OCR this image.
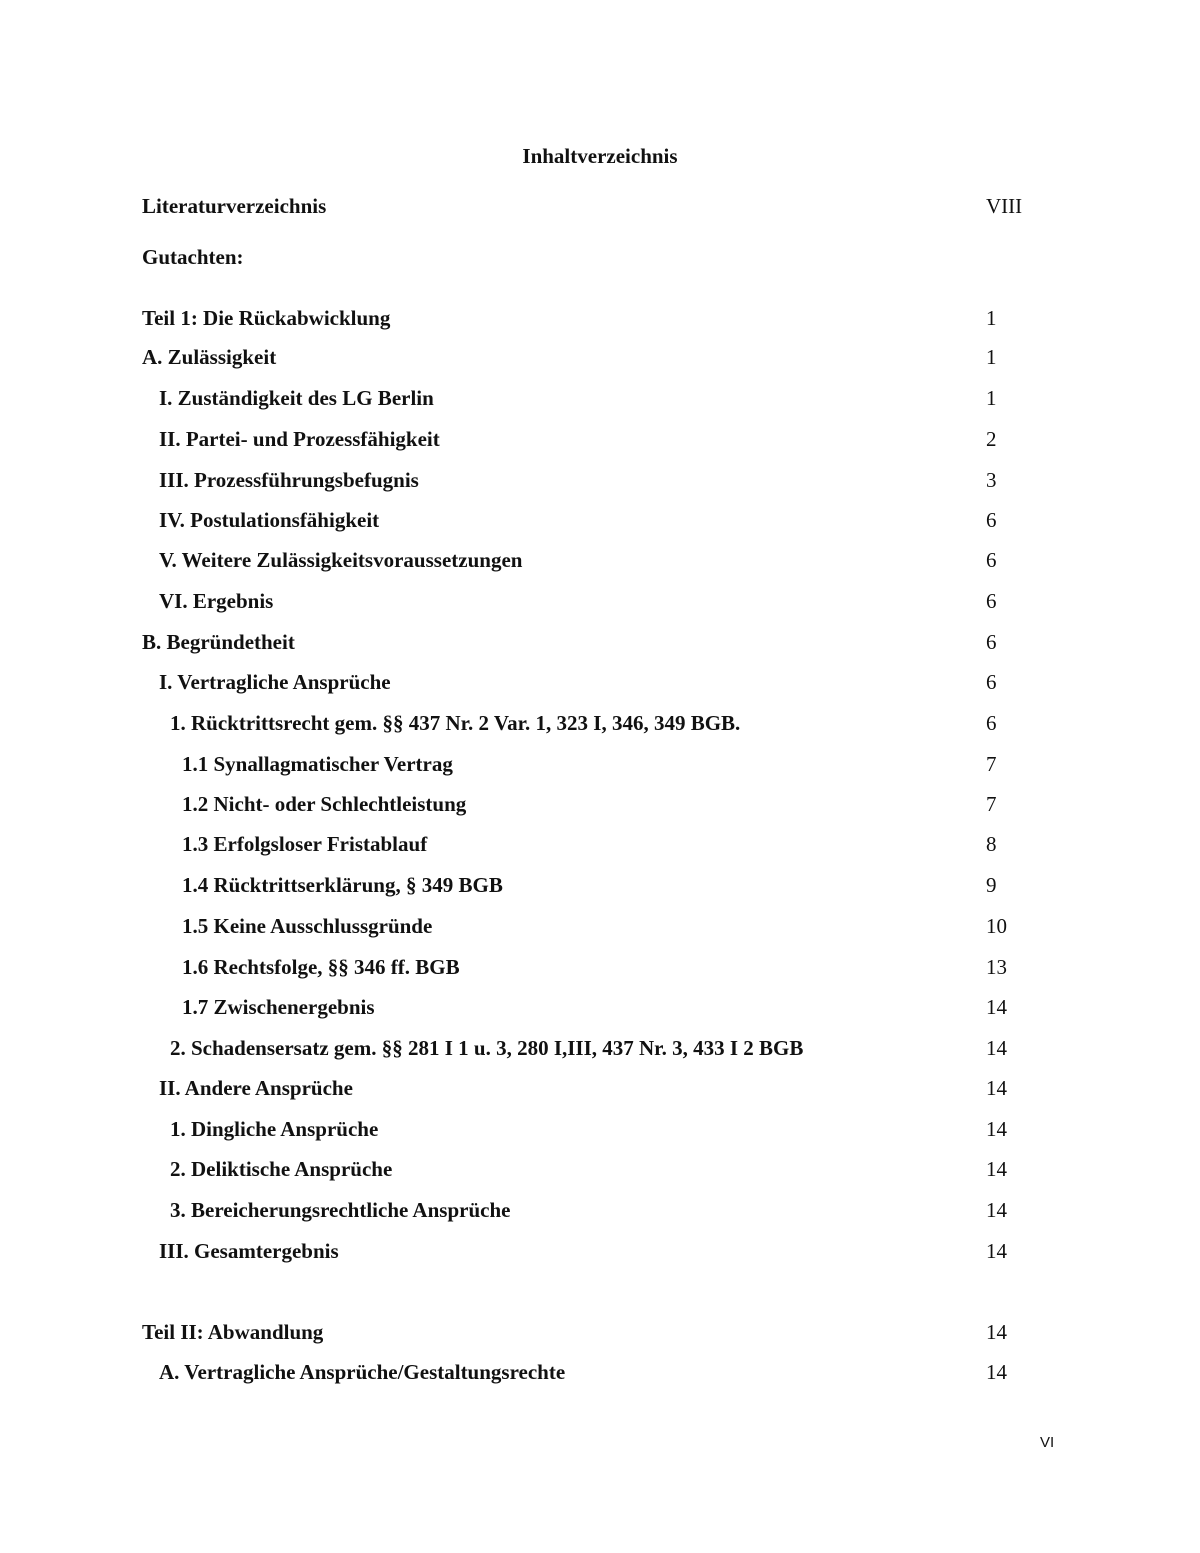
Inhaltverzeichnis
Literaturverzeichnis	VIII
Gutachten:
Teil 1: Die Rückabwicklung	1
A. Zulässigkeit	1
I. Zuständigkeit des LG Berlin	1
II. Partei- und Prozessfähigkeit	2
III. Prozessführungsbefugnis	3
IV. Postulationsfähigkeit	6
V. Weitere Zulässigkeitsvoraussetzungen	6
VI. Ergebnis	6
B. Begründetheit	6
I. Vertragliche Ansprüche	6
1. Rücktrittsrecht gem. §§ 437 Nr. 2 Var. 1, 323 I, 346, 349 BGB.	6
1.1 Synallagmatischer Vertrag	7
1.2 Nicht- oder Schlechtleistung	7
1.3 Erfolgsloser Fristablauf	8
1.4 Rücktrittserklärung, § 349 BGB	9
1.5 Keine Ausschlussgründe	10
1.6 Rechtsfolge, §§ 346 ff. BGB	13
1.7 Zwischenergebnis	14
2. Schadensersatz gem. §§ 281 I 1 u. 3, 280 I,III, 437 Nr. 3, 433 I 2 BGB	14
II. Andere Ansprüche	14
1. Dingliche Ansprüche	14
2. Deliktische Ansprüche	14
3. Bereicherungsrechtliche Ansprüche	14
III. Gesamtergebnis	14
Teil II: Abwandlung	14
A. Vertragliche Ansprüche/Gestaltungsrechte	14
VI
